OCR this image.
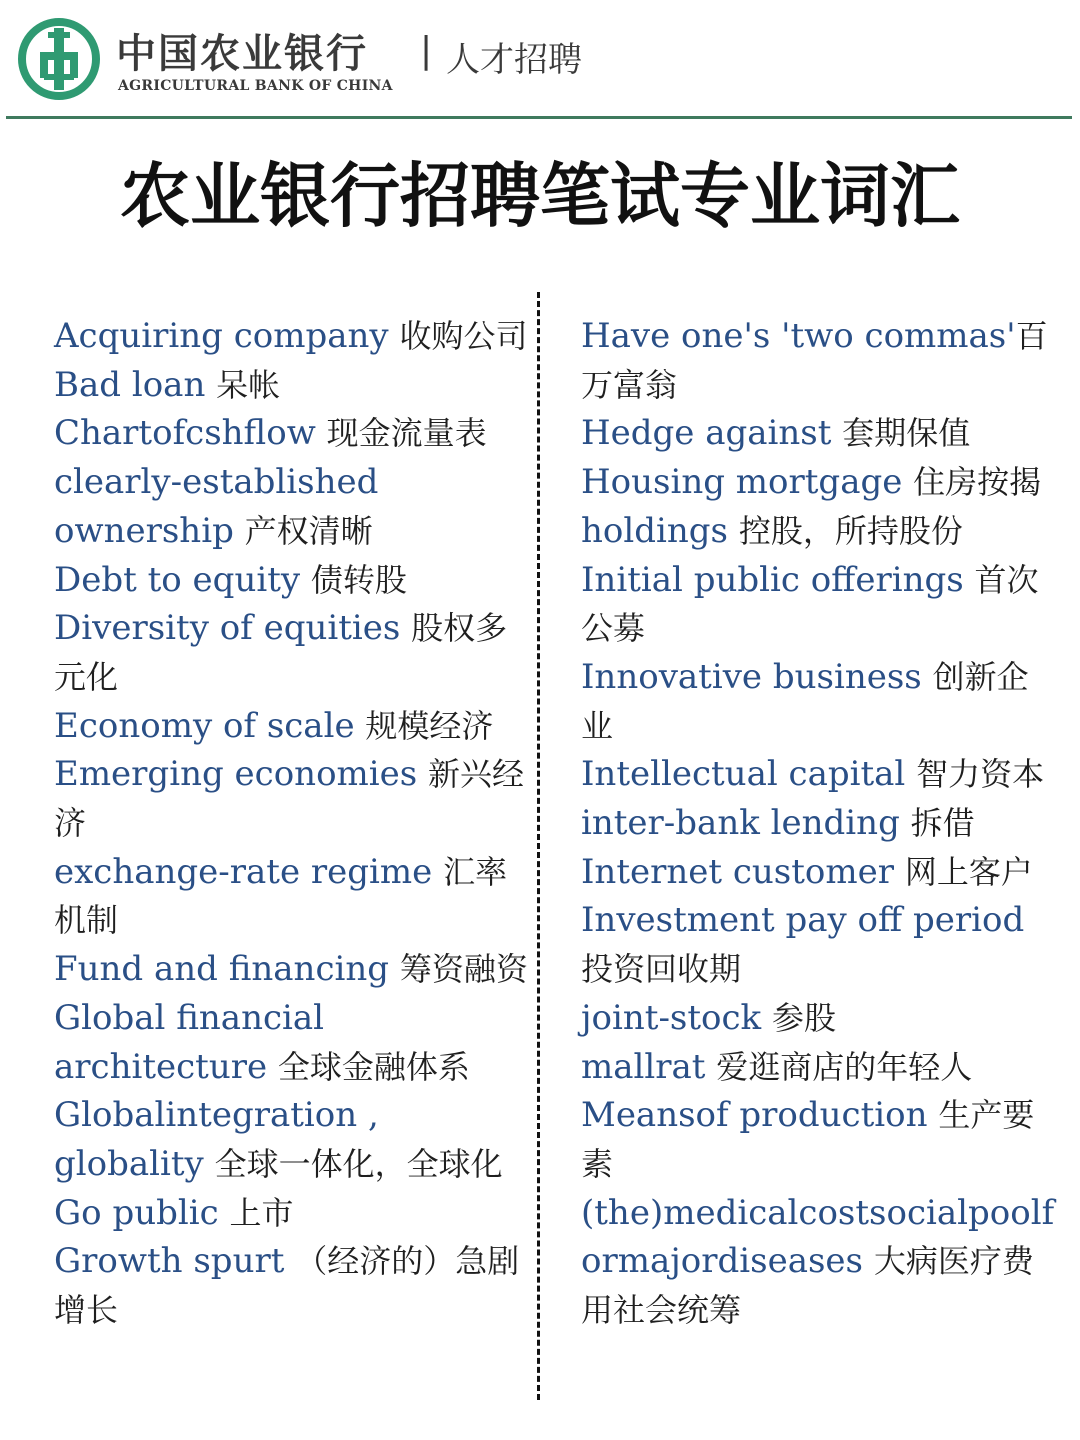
中国农业银行 | 人才招聘
AGRICULTURAL BANK OF CHINA
农业银行招聘笔试专业词汇
Acquiring company 收购公司
Bad loan 呆帐
Chartofcshflow 现金流量表
clearly-established ownership 产权清晰
Debt to equity 债转股
Diversity of equities 股权多元化
Economy of scale 规模经济
Emerging economies 新兴经济
exchange-rate regime 汇率机制
Fund and financing 筹资融资
Global financial architecture 全球金融体系
Globalintegration , globality 全球一体化，全球化
Go public 上市
Growth spurt （经济的）急剧增长
Have one's 'two commas'百万富翁
Hedge against 套期保值
Housing mortgage 住房按揭
holdings 控股，所持股份
Initial public offerings 首次公募
Innovative business 创新企业
Intellectual capital 智力资本
inter-bank lending 拆借
Internet customer 网上客户
Investment pay off period 投资回收期
joint-stock 参股
mallrat 爱逛商店的年轻人
Meansof production 生产要素
(the)medicalcostsocialpoolformajordiseases 大病医疗费用社会统筹
